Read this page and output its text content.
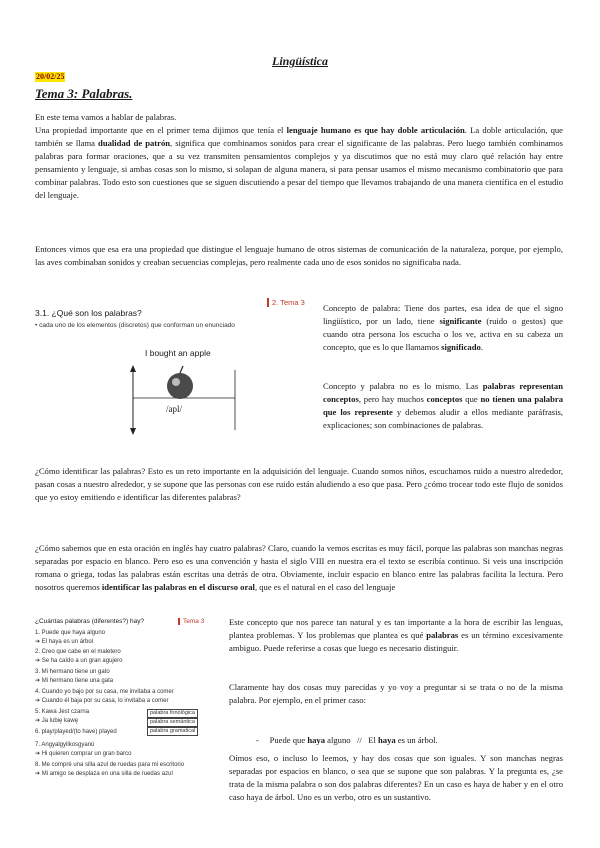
Lingüística
20/02/25
Tema 3: Palabras.
En este tema vamos a hablar de palabras.
Una propiedad importante que en el primer tema dijimos que tenía el lenguaje humano es que hay doble articulación. La doble articulación, que también se llama dualidad de patrón, significa que combinamos sonidos para crear el significante de las palabras. Pero luego también combinamos palabras para formar oraciones, que a su vez transmiten pensamientos complejos y ya discutimos que no está muy claro qué relación hay entre pensamiento y lenguaje, si ambas cosas son lo mismo, si solapan de alguna manera, si para pensar usamos el mismo mecanismo combinatorio que para combinar palabras. Todo esto son cuestiones que se siguen discutiendo a pesar del tiempo que llevamos trabajando de una manera científica en el estudio del lenguaje.
Entonces vimos que esa era una propiedad que distingue el lenguaje humano de otros sistemas de comunicación de la naturaleza, porque, por ejemplo, las aves combinaban sonidos y creaban secuencias complejas, pero realmente cada uno de esos sonidos no significaba nada.
2. Tema 3
3.1. ¿Qué son los palabras?
• cada uno de los elementos (discretos) que conforman un enunciado
I bought an apple
/apl/
Concepto de palabra: Tiene dos partes, esa idea de que el signo lingüístico, por un lado, tiene significante (ruido o gestos) que cuando otra persona los escucha o los ve, activa en su cabeza un concepto, que es lo que llamamos significado.
Concepto y palabra no es lo mismo. Las palabras representan conceptos, pero hay muchos conceptos que no tienen una palabra que los represente y debemos aludir a ellos mediante paráfrasis, explicaciones; son combinaciones de palabras.
¿Cómo identificar las palabras? Esto es un reto importante en la adquisición del lenguaje. Cuando somos niños, escuchamos ruido a nuestro alrededor, pasan cosas a nuestro alrededor, y se supone que las personas con ese ruido están aludiendo a eso que pasa. Pero ¿cómo trocear todo este flujo de sonidos que yo estoy emitiendo e identificar las diferentes palabras?
¿Cómo sabemos que en esta oración en inglés hay cuatro palabras? Claro, cuando la vemos escritas es muy fácil, porque las palabras son manchas negras separadas por espacio en blanco. Pero eso es una convención y hasta el siglo VIII en nuestra era el texto se escribía continuo. Si veis una inscripción romana o griega, todas las palabras están escritas una detrás de otra. Obviamente, incluir espacio en blanco entre las palabras facilita la lectura. Pero nosotros queremos identificar las palabras en el discurso oral, que es el natural en el caso del lenguaje
¿Cuántas palabras (diferentes?) hay?	Tema 3
1. Puede que haya alguno
➔ El haya es un árbol
2. Creo que cabe en el maletero
➔ Se ha caído a un gran agujero
3. Mi hermano tiene un gato
➔ Mi hermano tiene una gata
4. Cuando yo bajo por su casa, me invitaba a comer
➔ Cuando él baja por su casa, lo invitaba a comer
5. Kawa Jest czarna
➔ Ja lubię kawę
6. play/played/(to have) played
7. Angyalgyilkosgyanú
➔ Hi quieren comprar un gran barco
8. Me compré una silla azul de ruedas para mi escritorio
➔ Mi amigo se desplaza en una silla de ruedas azul
palabra fonológica
palabra semántica
palabra gramatical
Este concepto que nos parece tan natural y es tan importante a la hora de escribir las lenguas, plantea problemas. Y los problemas que plantea es qué palabras es un término excesivamente ambiguo. Puede referirse a cosas que luego es necesario distinguir.
Claramente hay dos cosas muy parecidas y yo voy a preguntar si se trata o no de la misma palabra. Por ejemplo, en el primer caso:
-     Puede que haya alguno   //   El haya es un árbol.
Oímos eso, o incluso lo leemos, y hay dos cosas que son iguales. Y son manchas negras separadas por espacios en blanco, o sea que se supone que son palabras. Y la pregunta es, ¿se trata de la misma palabra o son dos palabras diferentes? En un caso es haya de haber y en el otro caso haya de árbol. Uno es un verbo, otro es un sustantivo.
